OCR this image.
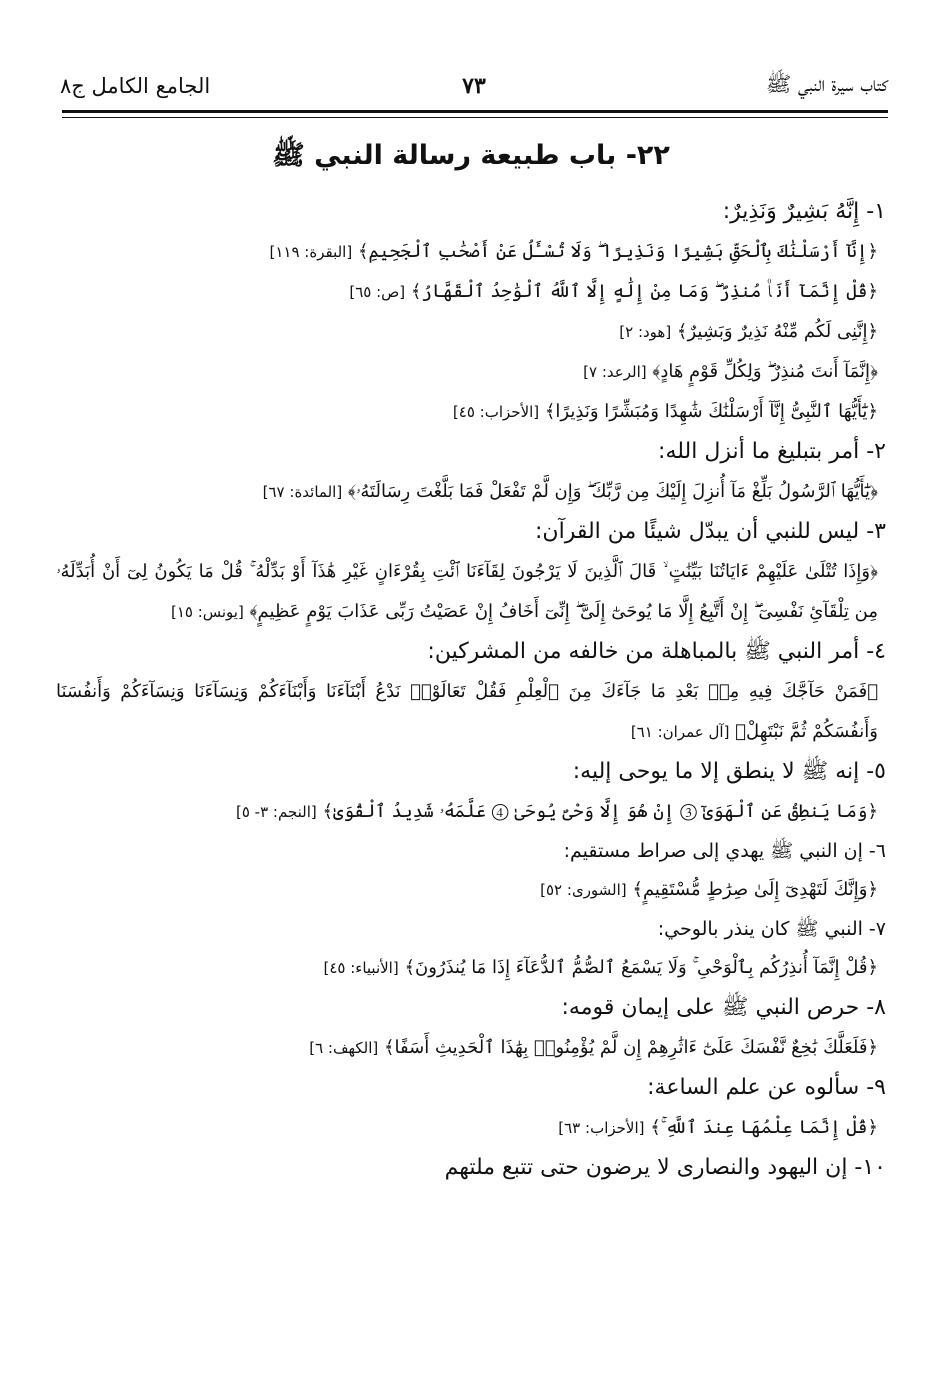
كتاب سيرة النبي ﷺ
٧٣
الجامع الكامل ج٨
٢٢- باب طبيعة رسالة النبي ﷺ

١- إِنَّهُ بَشِيرٌ وَنَذِيرٌ:

﴿إِنَّآ أَرْسَلْنَٰكَ بِٱلْحَقِّ بَشِيرًا وَنَذِيرًا ۖ وَلَا تُسْـَٔلُ عَنْ أَصْحَٰبِ ٱلْجَحِيمِ﴾ [البقرة: ١١٩]

﴿قُلْ إِنَّمَآ أَنَا۠ مُنذِرٌ ۖ وَمَا مِنْ إِلَٰهٍ إِلَّا ٱللَّهُ ٱلْوَٰحِدُ ٱلْقَهَّارُ﴾ [ص: ٦٥]

﴿إِنَّنِى لَكُم مِّنْهُ نَذِيرٌ وَبَشِيرٌ﴾ [هود: ٢]

﴿إِنَّمَآ أَنتَ مُنذِرٌ ۖ وَلِكُلِّ قَوْمٍ هَادٍ﴾ [الرعد: ٧]

﴿يَٰٓأَيُّهَا ٱلنَّبِىُّ إِنَّآ أَرْسَلْنَٰكَ شَٰهِدًا وَمُبَشِّرًا وَنَذِيرًا﴾ [الأحزاب: ٤٥]

٢- أمر بتبليغ ما أنزل الله:

﴿يَٰٓأَيُّهَا ٱلرَّسُولُ بَلِّغْ مَآ أُنزِلَ إِلَيْكَ مِن رَّبِّكَ ۖ وَإِن لَّمْ تَفْعَلْ فَمَا بَلَّغْتَ رِسَالَتَهُۥ﴾ [المائدة: ٦٧]

٣- ليس للنبي أن يبدّل شيئًا من القرآن:

﴿وَإِذَا تُتْلَىٰ عَلَيْهِمْ ءَايَاتُنَا بَيِّنَٰتٍ ۙ قَالَ ٱلَّذِينَ لَا يَرْجُونَ لِقَآءَنَا ٱئْتِ بِقُرْءَانٍ غَيْرِ هَٰذَآ أَوْ بَدِّلْهُ ۚ قُلْ مَا يَكُونُ لِىٓ أَنْ أُبَدِّلَهُۥ مِن تِلْقَآئِ نَفْسِىٓ ۖ إِنْ أَتَّبِعُ إِلَّا مَا يُوحَىٰٓ إِلَىَّ ۖ إِنِّىٓ أَخَافُ إِنْ عَصَيْتُ رَبِّى عَذَابَ يَوْمٍ عَظِيمٍ﴾ [يونس: ١٥]

٤- أمر النبي ﷺ بالمباهلة من خالفه من المشركين:

﴿فَمَنْ حَآجَّكَ فِيهِ مِنۢ بَعْدِ مَا جَآءَكَ مِنَ ٱلْعِلْمِ فَقُلْ تَعَالَوْا۟ نَدْعُ أَبْنَآءَنَا وَأَبْنَآءَكُمْ وَنِسَآءَنَا وَنِسَآءَكُمْ وَأَنفُسَنَا وَأَنفُسَكُمْ ثُمَّ نَبْتَهِلْ﴾ [آل عمران: ٦١]

٥- إنه ﷺ لا ينطق إلا ما يوحى إليه:

﴿وَمَا يَنطِقُ عَنِ ٱلْهَوَىٰٓ ③ إِنْ هُوَ إِلَّا وَحْىٌ يُوحَىٰ ④ عَلَّمَهُۥ شَدِيدُ ٱلْقُوَىٰ﴾ [النجم: ٣- ٥]

٦- إن النبي ﷺ يهدي إلى صراط مستقيم:

﴿وَإِنَّكَ لَتَهْدِىٓ إِلَىٰ صِرَٰطٍ مُّسْتَقِيمٍ﴾ [الشورى: ٥٢]

٧- النبي ﷺ كان ينذر بالوحي:

﴿قُلْ إِنَّمَآ أُنذِرُكُم بِٱلْوَحْىِ ۚ وَلَا يَسْمَعُ ٱلصُّمُّ ٱلدُّعَآءَ إِذَا مَا يُنذَرُونَ﴾ [الأنبياء: ٤٥]

٨- حرص النبي ﷺ على إيمان قومه:

﴿فَلَعَلَّكَ بَٰخِعٌ نَّفْسَكَ عَلَىٰٓ ءَاثَٰرِهِمْ إِن لَّمْ يُؤْمِنُوا۟ بِهَٰذَا ٱلْحَدِيثِ أَسَفًا﴾ [الكهف: ٦]

٩- سألوه عن علم الساعة:

﴿قُلْ إِنَّمَا عِلْمُهَا عِندَ ٱللَّهِ ۚ﴾ [الأحزاب: ٦٣]

١٠- إن اليهود والنصارى لا يرضون حتى تتبع ملتهم
